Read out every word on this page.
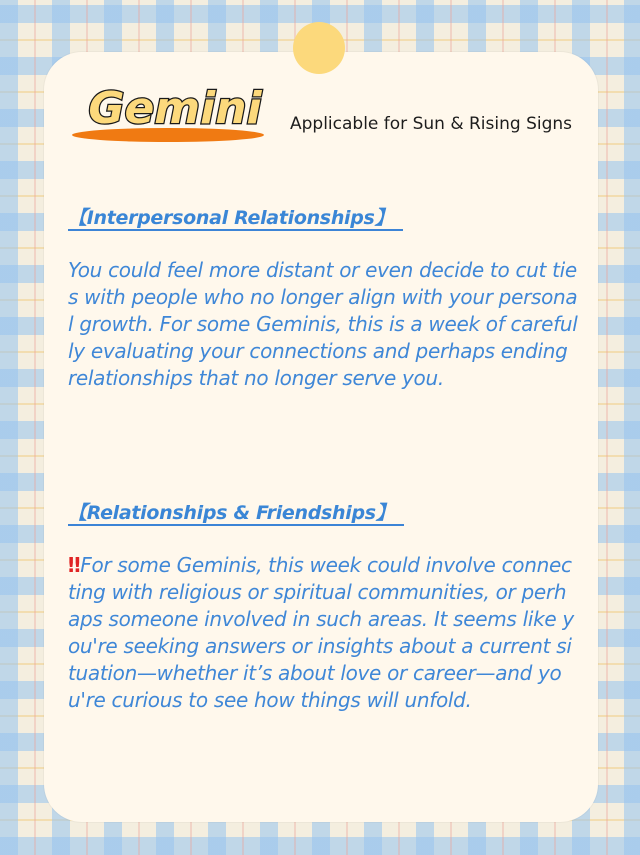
Gemini Applicable for Sun & Rising Signs
【Interpersonal Relationships】
You could feel more distant or even decide to cut ties with people who no longer align with your personal growth. For some Geminis, this is a week of carefully evaluating your connections and perhaps ending relationships that no longer serve you.
【Relationships & Friendships】
‼For some Geminis, this week could involve connecting with religious or spiritual communities, or perhaps someone involved in such areas. It seems like you're seeking answers or insights about a current situation—whether it’s about love or career—and you're curious to see how things will unfold.
